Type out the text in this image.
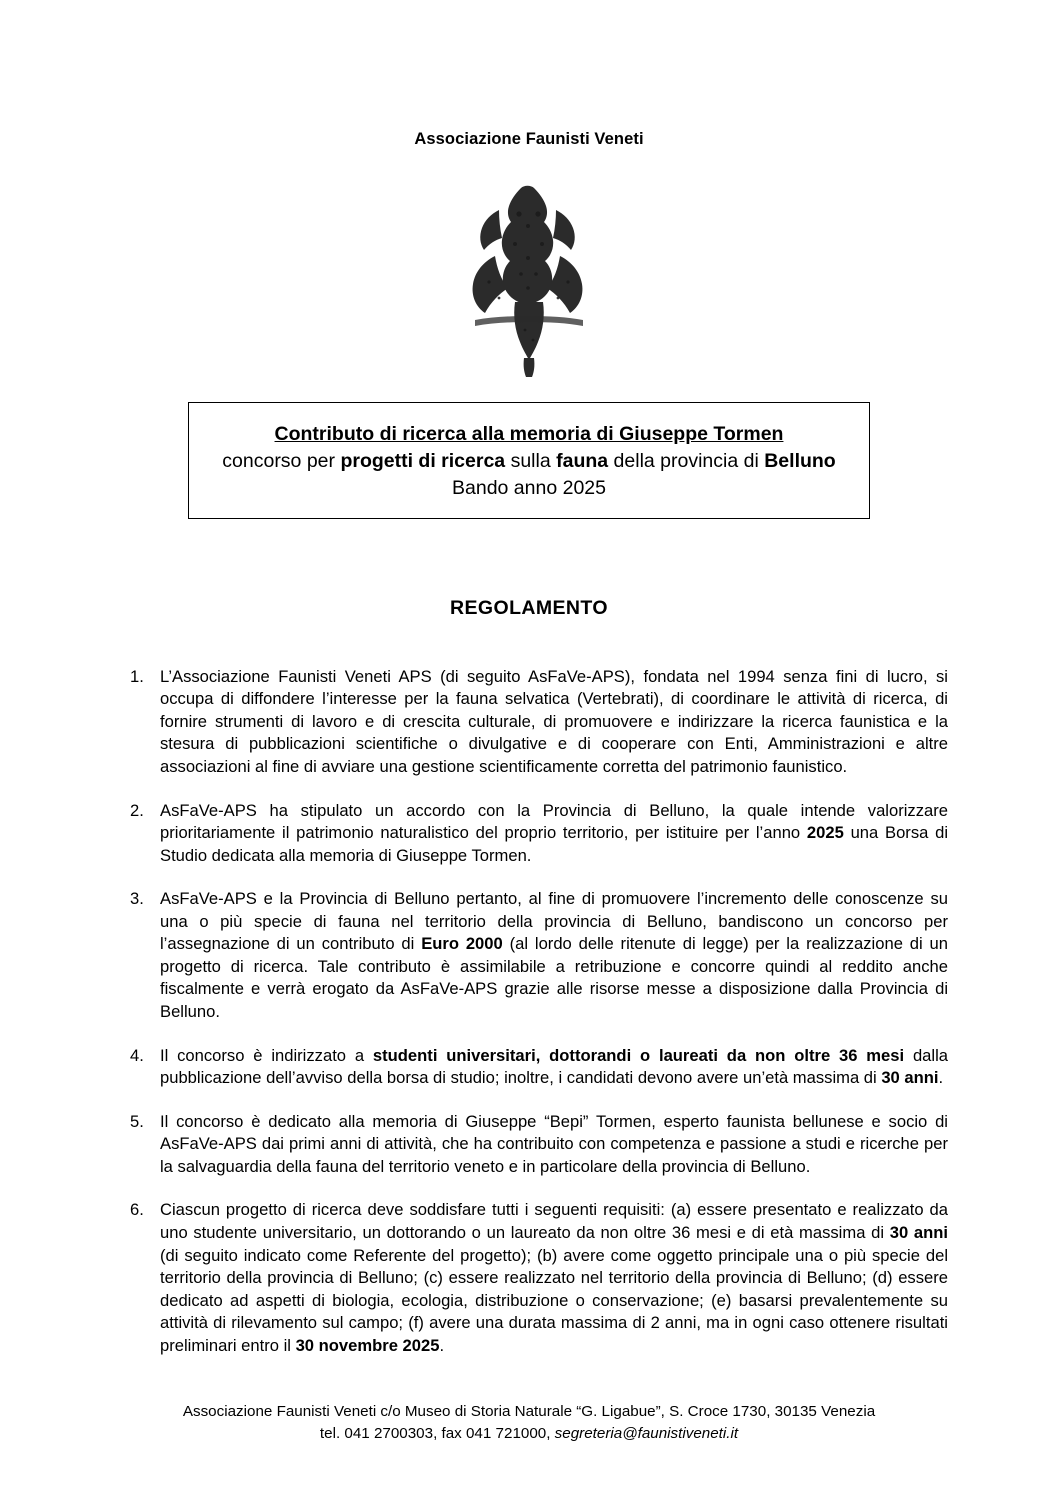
Associazione Faunisti Veneti
Contributo di ricerca alla memoria di Giuseppe Tormen
concorso per progetti di ricerca sulla fauna della provincia di Belluno
Bando anno 2025
REGOLAMENTO
L’Associazione Faunisti Veneti APS (di seguito AsFaVe-APS), fondata nel 1994 senza fini di lucro, si occupa di diffondere l’interesse per la fauna selvatica (Vertebrati), di coordinare le attività di ricerca, di fornire strumenti di lavoro e di crescita culturale, di promuovere e indirizzare la ricerca faunistica e la stesura di pubblicazioni scientifiche o divulgative e di cooperare con Enti, Amministrazioni e altre associazioni al fine di avviare una gestione scientificamente corretta del patrimonio faunistico.
AsFaVe-APS ha stipulato un accordo con la Provincia di Belluno, la quale intende valorizzare prioritariamente il patrimonio naturalistico del proprio territorio, per istituire per l’anno 2025 una Borsa di Studio dedicata alla memoria di Giuseppe Tormen.
AsFaVe-APS e la Provincia di Belluno pertanto, al fine di promuovere l’incremento delle conoscenze su una o più specie di fauna nel territorio della provincia di Belluno, bandiscono un concorso per l’assegnazione di un contributo di Euro 2000 (al lordo delle ritenute di legge) per la realizzazione di un progetto di ricerca. Tale contributo è assimilabile a retribuzione e concorre quindi al reddito anche fiscalmente e verrà erogato da AsFaVe-APS grazie alle risorse messe a disposizione dalla Provincia di Belluno.
Il concorso è indirizzato a studenti universitari, dottorandi o laureati da non oltre 36 mesi dalla pubblicazione dell’avviso della borsa di studio; inoltre, i candidati devono avere un’età massima di 30 anni.
Il concorso è dedicato alla memoria di Giuseppe “Bepi” Tormen, esperto faunista bellunese e socio di AsFaVe-APS dai primi anni di attività, che ha contribuito con competenza e passione a studi e ricerche per la salvaguardia della fauna del territorio veneto e in particolare della provincia di Belluno.
Ciascun progetto di ricerca deve soddisfare tutti i seguenti requisiti: (a) essere presentato e realizzato da uno studente universitario, un dottorando o un laureato da non oltre 36 mesi e di età massima di 30 anni (di seguito indicato come Referente del progetto); (b) avere come oggetto principale una o più specie del territorio della provincia di Belluno; (c) essere realizzato nel territorio della provincia di Belluno; (d) essere dedicato ad aspetti di biologia, ecologia, distribuzione o conservazione; (e) basarsi prevalentemente su attività di rilevamento sul campo; (f) avere una durata massima di 2 anni, ma in ogni caso ottenere risultati preliminari entro il 30 novembre 2025.
Associazione Faunisti Veneti c/o Museo di Storia Naturale “G. Ligabue”, S. Croce 1730, 30135 Venezia
tel. 041 2700303, fax 041 721000, segreteria@faunistiveneti.it
